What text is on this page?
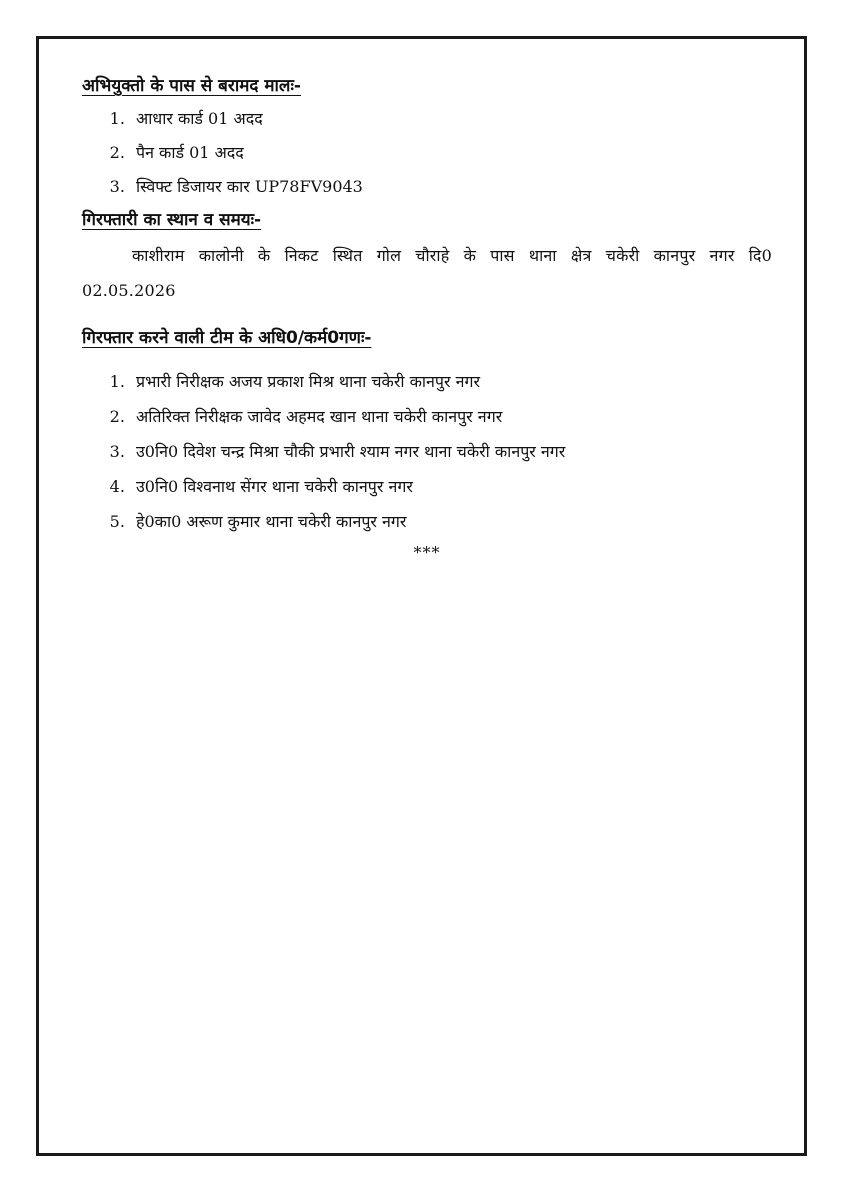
अभियुक्तो के पास से बरामद मालः-
1. आधार कार्ड 01 अदद
2. पैन कार्ड 01 अदद
3. स्विफ्ट डिजायर कार UP78FV9043
गिरफ्तारी का स्थान व समयः-

काशीराम कालोनी के निकट स्थित गोल चौराहे के पास थाना क्षेत्र चकेरी कानपुर नगर दि0 02.05.2026

गिरफ्तार करने वाली टीम के अधि0/कर्म0गणः-
1. प्रभारी निरीक्षक अजय प्रकाश मिश्र थाना चकेरी कानपुर नगर
2. अतिरिक्त निरीक्षक जावेद अहमद खान थाना चकेरी कानपुर नगर
3. उ0नि0 दिवेश चन्द्र मिश्रा चौकी प्रभारी श्याम नगर थाना चकेरी कानपुर नगर
4. उ0नि0 विश्वनाथ सेंगर थाना चकेरी कानपुर नगर
5. हे0का0 अरूण कुमार थाना चकेरी कानपुर नगर
***
